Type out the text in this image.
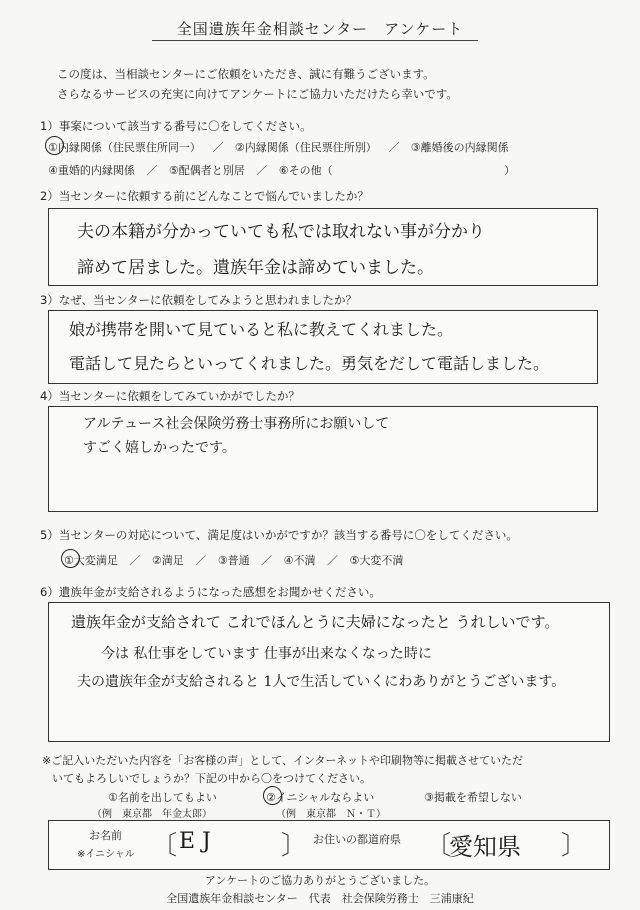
全国遺族年金相談センター　アンケート
この度は、当相談センターにご依頼をいただき、誠に有難うございます。
さらなるサービスの充実に向けてアンケートにご協力いただけたら幸いです。
1）事案について該当する番号に〇をしてください。
①内縁関係（住民票住所同一） ／ ②内縁関係（住民票住所別） ／ ③離婚後の内縁関係
④重婚的内縁関係 ／ ⑤配偶者と別居 ／ ⑥その他（	）
2）当センターに依頼する前にどんなことで悩んでいましたか？
夫の本籍が分かっていても私では取れない事が分かり
諦めて居ました。遺族年金は諦めていました。
3）なぜ、当センターに依頼をしてみようと思われましたか？
娘が携帯を開いて見ていると私に教えてくれました。
電話して見たらといってくれました。勇気をだして電話しました。
4）当センターに依頼をしてみていかがでしたか？
アルテュース社会保険労務士事務所にお願いして
すごく嬉しかったです。
5）当センターの対応について、満足度はいかがですか？該当する番号に〇をしてください。
①大変満足 ／ ②満足 ／ ③普通 ／ ④不満 ／ ⑤大変不満
6）遺族年金が支給されるようになった感想をお聞かせください。
遺族年金が支給されて これでほんとうに夫婦になったと うれしいです。
今は 私仕事をしています 仕事が出来なくなった時に
夫の遺族年金が支給されると 1人で生活していくにわありがとうございます。
※ご記入いただいた内容を「お客様の声」として、インターネットや印刷物等に掲載させていただ
いてもよろしいでしょうか？下記の中から〇をつけてください。
①名前を出してもよい
（例　東京都　年金太郎）
②イニシャルならよい
（例　東京都　Ｎ・Ｔ）
③掲載を希望しない
お名前
※イニシャル 〔 E J	〕 お住いの都道府県 〔
愛知県 〕
アンケートのご協力ありがとうございました。
全国遺族年金相談センター　代表　社会保険労務士　三浦康紀
